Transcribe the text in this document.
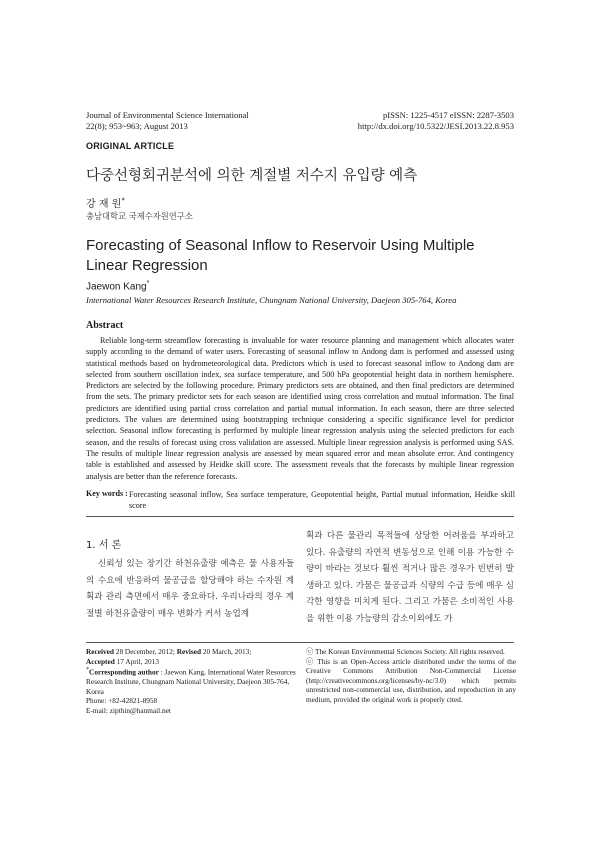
Journal of Environmental Science International
22(8); 953~963; August 2013
pISSN: 1225-4517 eISSN: 2287-3503
http://dx.doi.org/10.5322/JESI.2013.22.8.953
ORIGINAL ARTICLE
다중선형회귀분석에 의한 계절별 저수지 유입량 예측
강 재 원*
충남대학교 국제수자원연구소
Forecasting of Seasonal Inflow to Reservoir Using Multiple Linear Regression
Jaewon Kang*
International Water Resources Research Institute, Chungnam National University, Daejeon 305-764, Korea
Abstract
Reliable long-term streamflow forecasting is invaluable for water resource planning and management which allocates water supply according to the demand of water users. Forecasting of seasonal inflow to Andong dam is performed and assessed using statistical methods based on hydrometeorological data. Predictors which is used to forecast seasonal inflow to Andong dam are selected from southern oscillation index, sea surface temperature, and 500 hPa geopotential height data in northern hemisphere. Predictors are selected by the following procedure. Primary predictors sets are obtained, and then final predictors are determined from the sets. The primary predictor sets for each season are identified using cross correlation and mutual information. The final predictors are identified using partial cross correlation and partial mutual information. In each season, there are three selected predictors. The values are determined using bootstrapping technique considering a specific significance level for predictor selection. Seasonal inflow forecasting is performed by multiple linear regression analysis using the selected predictors for each season, and the results of forecast using cross validation are assessed. Multiple linear regression analysis is performed using SAS. The results of multiple linear regression analysis are assessed by mean squared error and mean absolute error. And contingency table is established and assessed by Heidke skill score. The assessment reveals that the forecasts by multiple linear regression analysis are better than the reference forecasts.
Key words : Forecasting seasonal inflow, Sea surface temperature, Geopotential height, Partial mutual information, Heidke skill score
1. 서 론
신뢰성 있는 장기간 하천유출량 예측은 물 사용자들의 수요에 반응하여 물공급을 할당해야 하는 수자원 계획과 관리 측면에서 매우 중요하다. 우리나라의 경우 계절별 하천유출량이 매우 변화가 커서 농업계
획과 다른 물관리 목적들에 상당한 어려움을 부과하고 있다. 유출량의 자연적 변동성으로 인해 이용 가능한 수량이 바라는 것보다 훨씬 적거나 많은 경우가 빈번히 발생하고 있다. 가뭄은 물공급과 식량의 수급 등에 매우 심각한 영향을 미치게 된다. 그리고 가뭄은 소비적인 사용을 위한 이용 가능량의 감소이외에도 가
Received 28 December, 2012; Revised 20 March, 2013;
Accepted 17 April, 2013
*Corresponding author : Jaewon Kang, International Water Resources Research Institute, Chungnam National University, Daejeon 305-764, Korea
Phone: +82-42821-8958
E-mail: zipthin@hanmail.net
ⓒ The Korean Environmental Sciences Society. All rights reserved.
ⓒ This is an Open-Access article distributed under the terms of the Creative Commons Attribution Non-Commercial License (http://creativecommons.org/licenses/by-nc/3.0) which permits unrestricted non-commercial use, distribution, and reproduction in any medium, provided the original work is properly cited.
